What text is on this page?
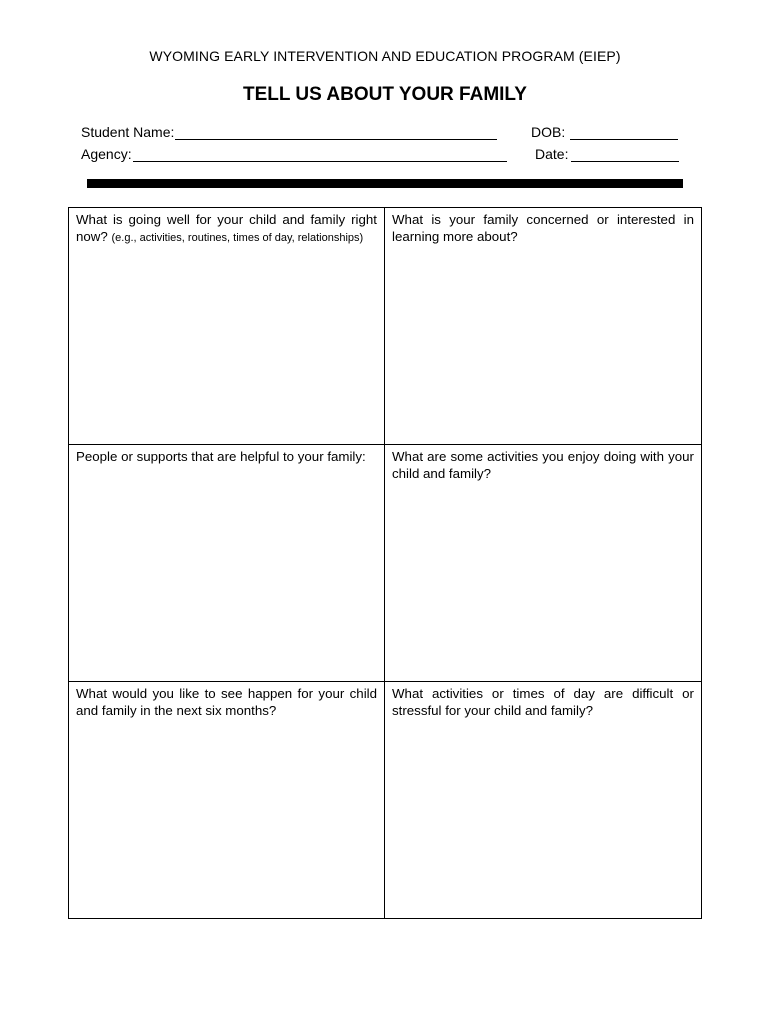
WYOMING EARLY INTERVENTION AND EDUCATION PROGRAM (EIEP)
TELL US ABOUT YOUR FAMILY
Student Name:
Agency:
DOB:
Date:
What is going well for your child and family right now? (e.g., activities, routines, times of day, relationships)
What is your family concerned or interested in learning more about?
People or supports that are helpful to your family:	What are some activities you enjoy doing with your child and family?
What would you like to see happen for your child and family in the next six months?
What activities or times of day are difficult or stressful for your child and family?
